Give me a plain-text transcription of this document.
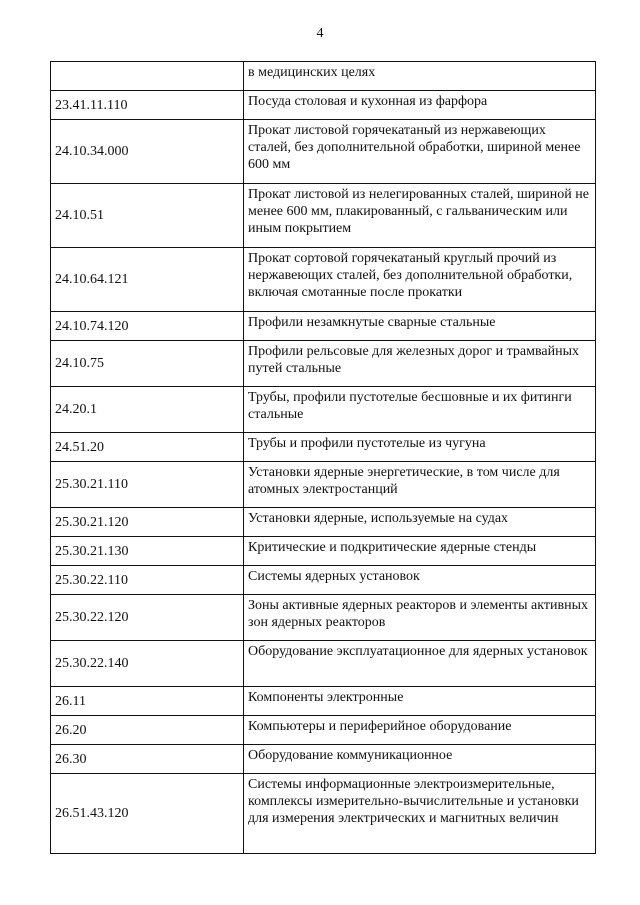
4
	в медицинских целях
23.41.11.110	Посуда столовая и кухонная из фарфора
24.10.34.000	Прокат листовой горячекатаный из нержавеющих сталей, без дополнительной обработки, шириной менее 600 мм
24.10.51	Прокат листовой из нелегированных сталей, шириной не менее 600 мм, плакированный, с гальваническим или иным покрытием
24.10.64.121	Прокат сортовой горячекатаный круглый прочий из нержавеющих сталей, без дополнительной обработки, включая смотанные после прокатки
24.10.74.120	Профили незамкнутые сварные стальные
24.10.75	Профили рельсовые для железных дорог и трамвайных путей стальные
24.20.1	Трубы, профили пустотелые бесшовные и их фитинги стальные
24.51.20	Трубы и профили пустотелые из чугуна
25.30.21.110	Установки ядерные энергетические, в том числе для атомных электростанций
25.30.21.120	Установки ядерные, используемые на судах
25.30.21.130	Критические и подкритические ядерные стенды
25.30.22.110	Системы ядерных установок
25.30.22.120	Зоны активные ядерных реакторов и элементы активных зон ядерных реакторов
25.30.22.140	Оборудование эксплуатационное для ядерных установок
26.11	Компоненты электронные
26.20	Компьютеры и периферийное оборудование
26.30	Оборудование коммуникационное
26.51.43.120	Системы информационные электроизмерительные, комплексы измерительно-вычислительные и установки для измерения электрических и магнитных величин
